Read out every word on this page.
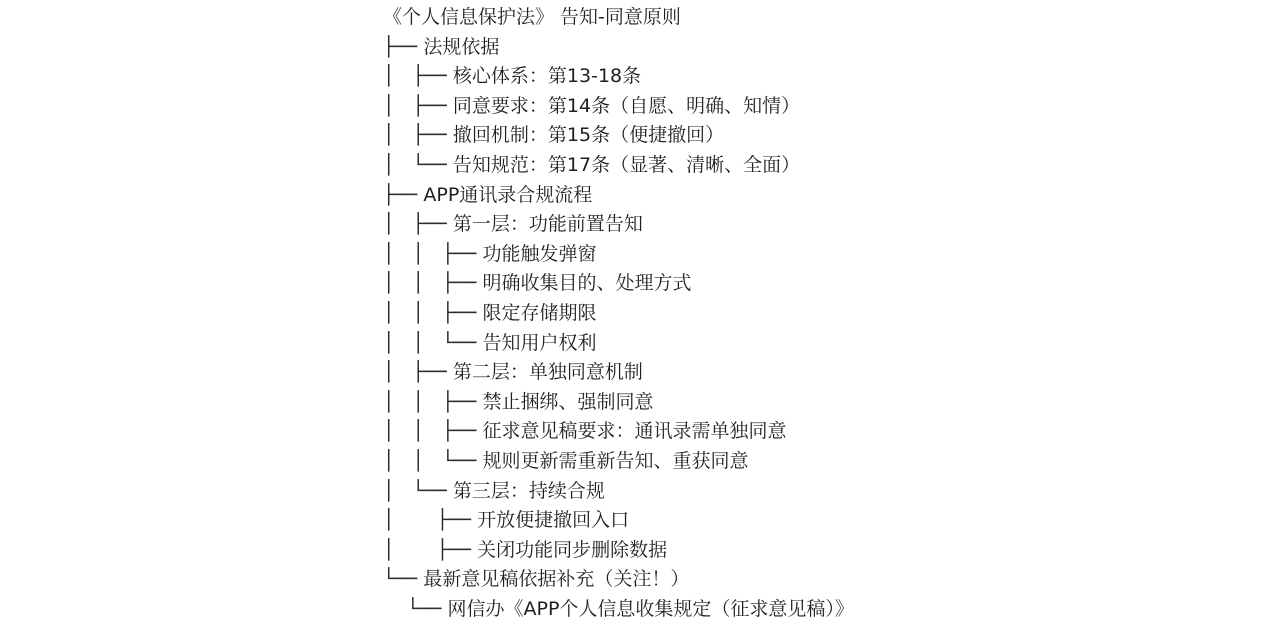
《个人信息保护法》 告知-同意原则
├── 法规依据
│   ├── 核心体系：第13-18条
│   ├── 同意要求：第14条（自愿、明确、知情）
│   ├── 撤回机制：第15条（便捷撤回）
│   └── 告知规范：第17条（显著、清晰、全面）
├── APP通讯录合规流程
│   ├── 第一层：功能前置告知
│   │   ├── 功能触发弹窗
│   │   ├── 明确收集目的、处理方式
│   │   ├── 限定存储期限
│   │   └── 告知用户权利
│   ├── 第二层：单独同意机制
│   │   ├── 禁止捆绑、强制同意
│   │   ├── 征求意见稿要求：通讯录需单独同意
│   │   └── 规则更新需重新告知、重获同意
│   └── 第三层：持续合规
│       ├── 开放便捷撤回入口
│       ├── 关闭功能同步删除数据
└── 最新意见稿依据补充（关注！）
└── 网信办《APP个人信息收集规定（征求意见稿）》
